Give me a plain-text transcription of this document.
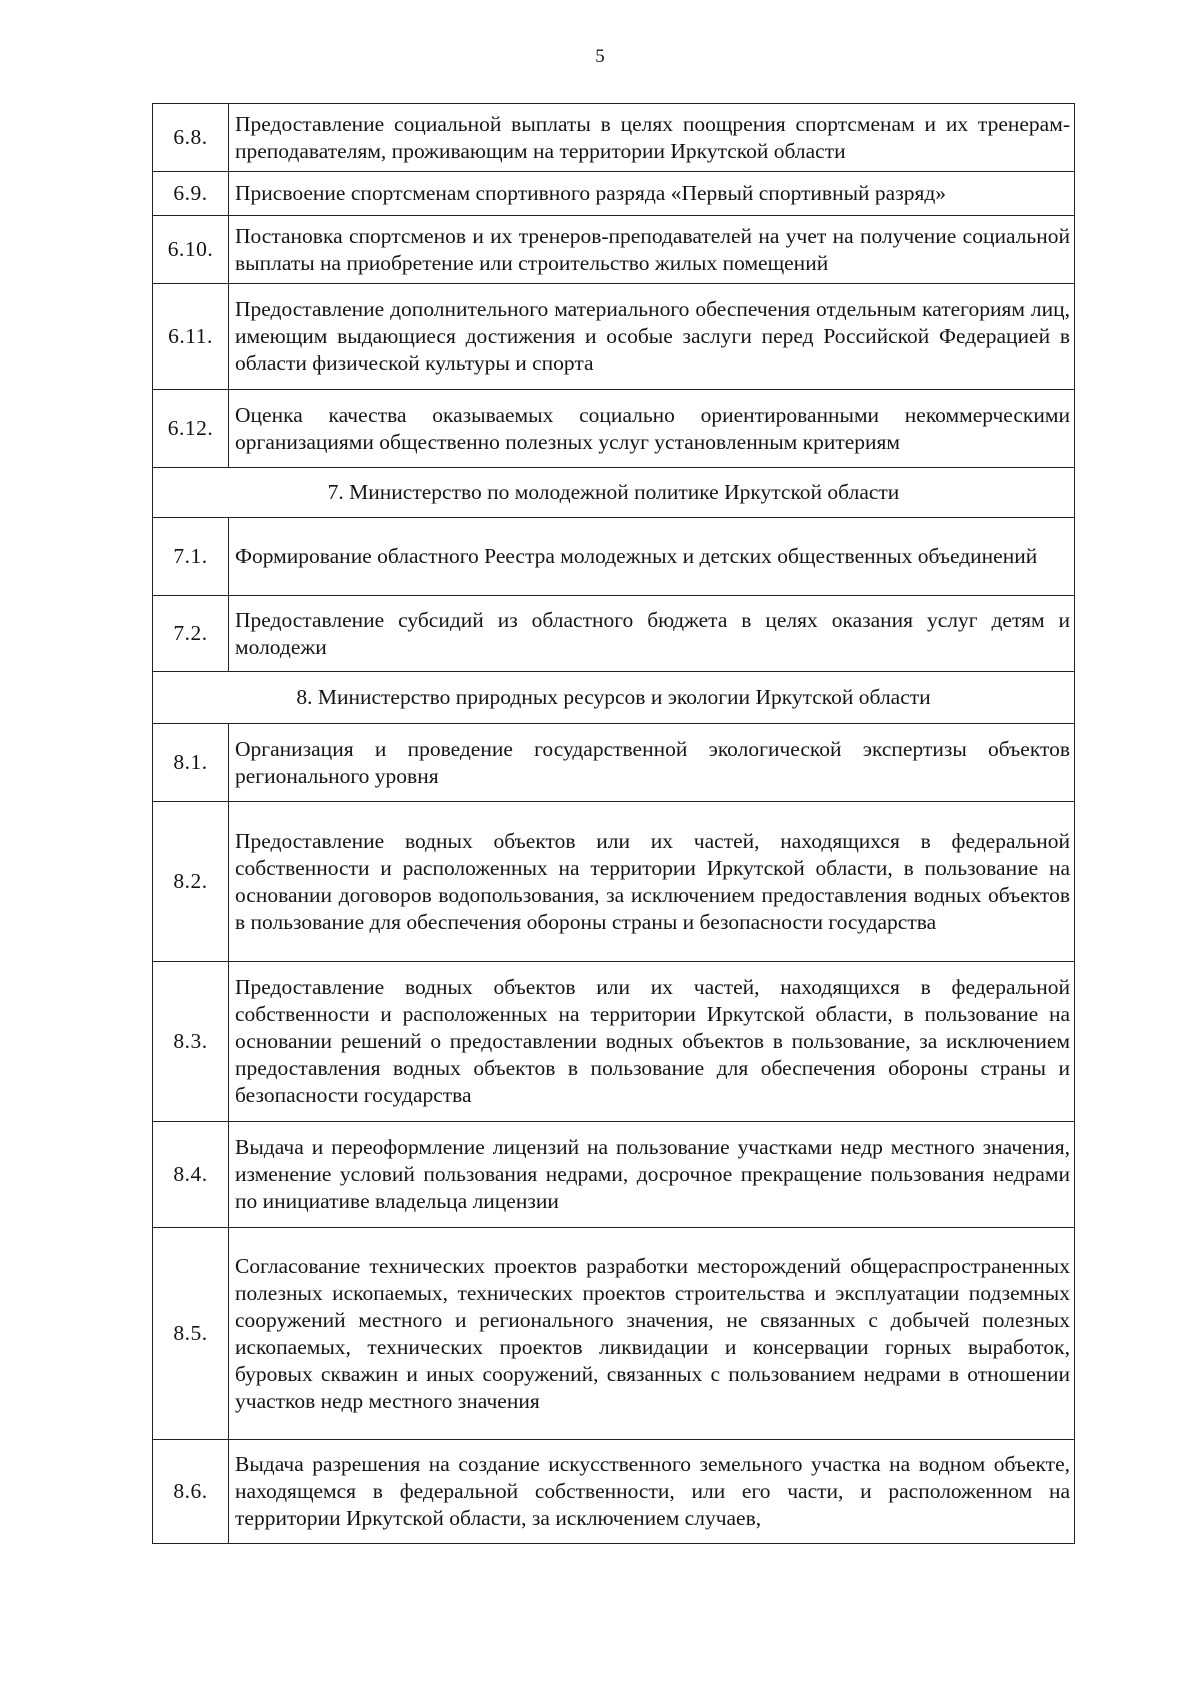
5
6.8.	Предоставление социальной выплаты в целях поощрения спортсменам и их тренерам-преподавателям, проживающим на территории Иркутской области
6.9.	Присвоение спортсменам спортивного разряда «Первый спортивный разряд»
6.10.	Постановка спортсменов и их тренеров-преподавателей на учет на получение социальной выплаты на приобретение или строительство жилых помещений
6.11.	Предоставление дополнительного материального обеспечения отдельным категориям лиц, имеющим выдающиеся достижения и особые заслуги перед Российской Федерацией в области физической культуры и спорта
6.12.	Оценка качества оказываемых социально ориентированными некоммерческими организациями общественно полезных услуг установленным критериям
7. Министерство по молодежной политике Иркутской области	
7.1.	Формирование областного Реестра молодежных и детских общественных объединений
7.2.	Предоставление субсидий из областного бюджета в целях оказания услуг детям и молодежи
8. Министерство природных ресурсов и экологии Иркутской области	
8.1.	Организация и проведение государственной экологической экспертизы объектов регионального уровня
8.2.	Предоставление водных объектов или их частей, находящихся в федеральной собственности и расположенных на территории Иркутской области, в пользование на основании договоров водопользования, за исключением предоставления водных объектов в пользование для обеспечения обороны страны и безопасности государства
8.3.	Предоставление водных объектов или их частей, находящихся в федеральной собственности и расположенных на территории Иркутской области, в пользование на основании решений о предоставлении водных объектов в пользование, за исключением предоставления водных объектов в пользование для обеспечения обороны страны и безопасности государства
8.4.	Выдача и переоформление лицензий на пользование участками недр местного значения, изменение условий пользования недрами, досрочное прекращение пользования недрами по инициативе владельца лицензии
8.5.	Согласование технических проектов разработки месторождений общераспространенных полезных ископаемых, технических проектов строительства и эксплуатации подземных сооружений местного и регионального значения, не связанных с добычей полезных ископаемых, технических проектов ликвидации и консервации горных выработок, буровых скважин и иных сооружений, связанных с пользованием недрами в отношении участков недр местного значения
8.6.	Выдача разрешения на создание искусственного земельного участка на водном объекте, находящемся в федеральной собственности, или его части, и расположенном на территории Иркутской области, за исключением случаев,
